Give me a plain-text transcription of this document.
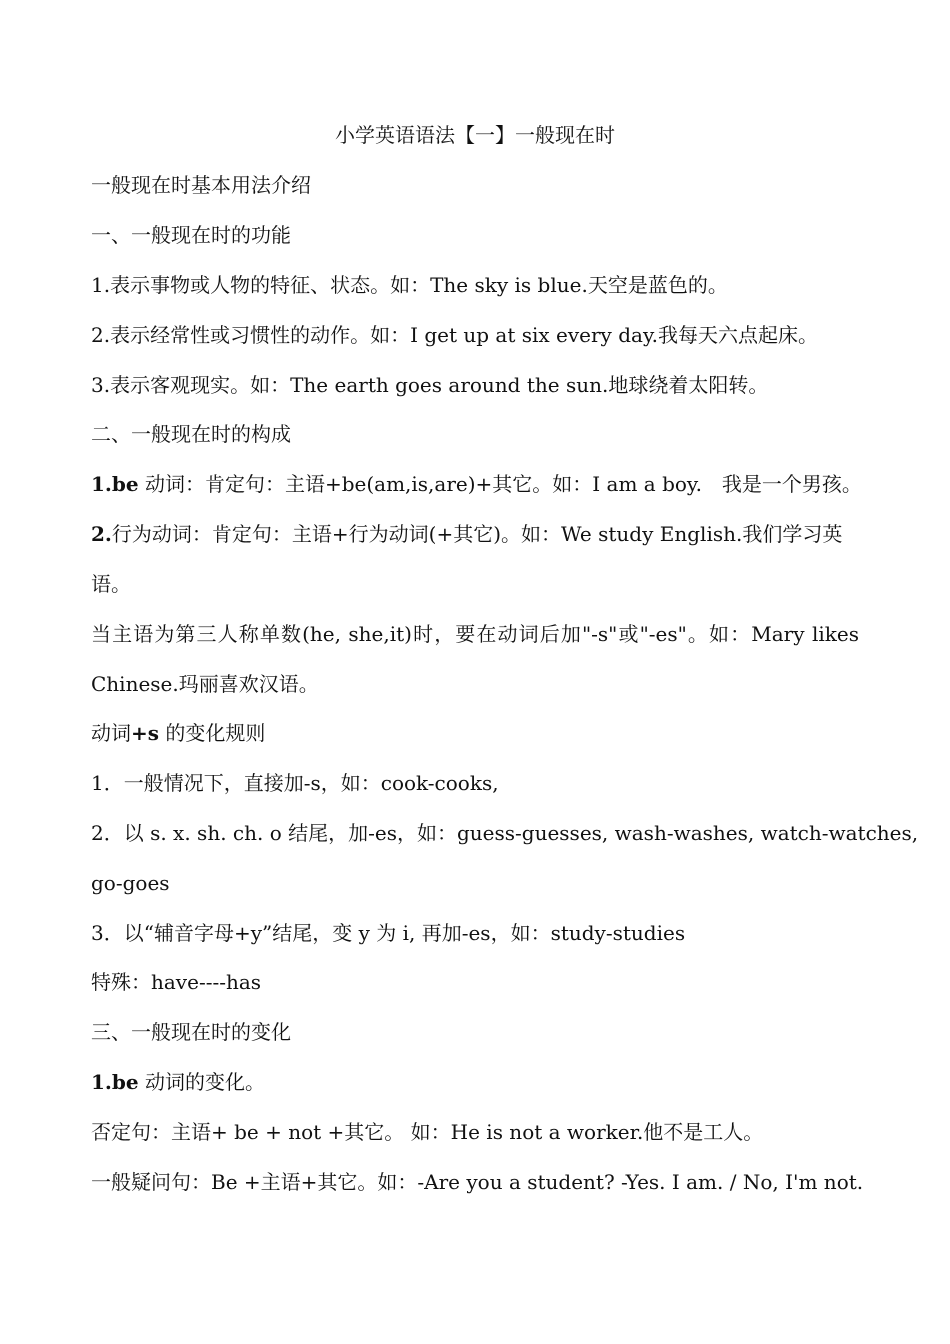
小学英语语法【一】一般现在时
一般现在时基本用法介绍
一、一般现在时的功能
1.表示事物或人物的特征、状态。如：The sky is blue.天空是蓝色的。
2.表示经常性或习惯性的动作。如：I get up at six every day.我每天六点起床。
3.表示客观现实。如：The earth goes around the sun.地球绕着太阳转。
二、一般现在时的构成
1.be 动词：肯定句：主语+be(am,is,are)+其它。如：I am a boy.　我是一个男孩。
2.行为动词：肯定句：主语+行为动词(+其它)。如：We study English.我们学习英
语。
当主语为第三人称单数(he, she,it)时，要在动词后加"-s"或"-es"。如：Mary likes
Chinese.玛丽喜欢汉语。
动词+s 的变化规则
1．一般情况下，直接加-s，如：cook-cooks,
2．以 s. x. sh. ch. o 结尾，加-es，如：guess-guesses, wash-washes, watch-watches,
go-goes
3．以“辅音字母+y”结尾，变 y 为 i, 再加-es，如：study-studies
特殊：have----has
三、一般现在时的变化
1.be 动词的变化。
否定句：主语+ be + not +其它。 如：He is not a worker.他不是工人。
一般疑问句：Be +主语+其它。如：-Are you a student? -Yes. I am. / No, I'm not.
